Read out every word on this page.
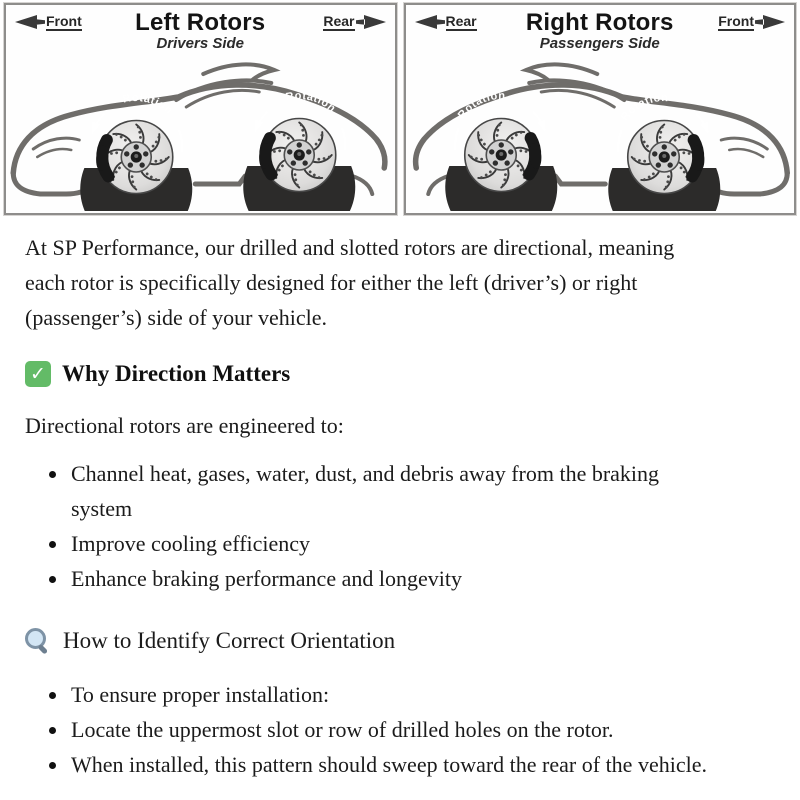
Front	Left Rotors
Drivers Side
Rear
Rotation
Rotation
Rear	Right Rotors
Passengers Side
Front
Rotation
Rotation

At SP Performance, our drilled and slotted rotors are directional, meaning each rotor is specifically designed for either the left (driver’s) or right (passenger’s) side of your vehicle.

✓
Why Direction Matters

Directional rotors are engineered to:

• Channel heat, gases, water, dust, and debris away from the braking system
• Improve cooling efficiency
• Enhance braking performance and longevity
How to Identify Correct Orientation
• To ensure proper installation:
• Locate the uppermost slot or row of drilled holes on the rotor.
• When installed, this pattern should sweep toward the rear of the vehicle.
